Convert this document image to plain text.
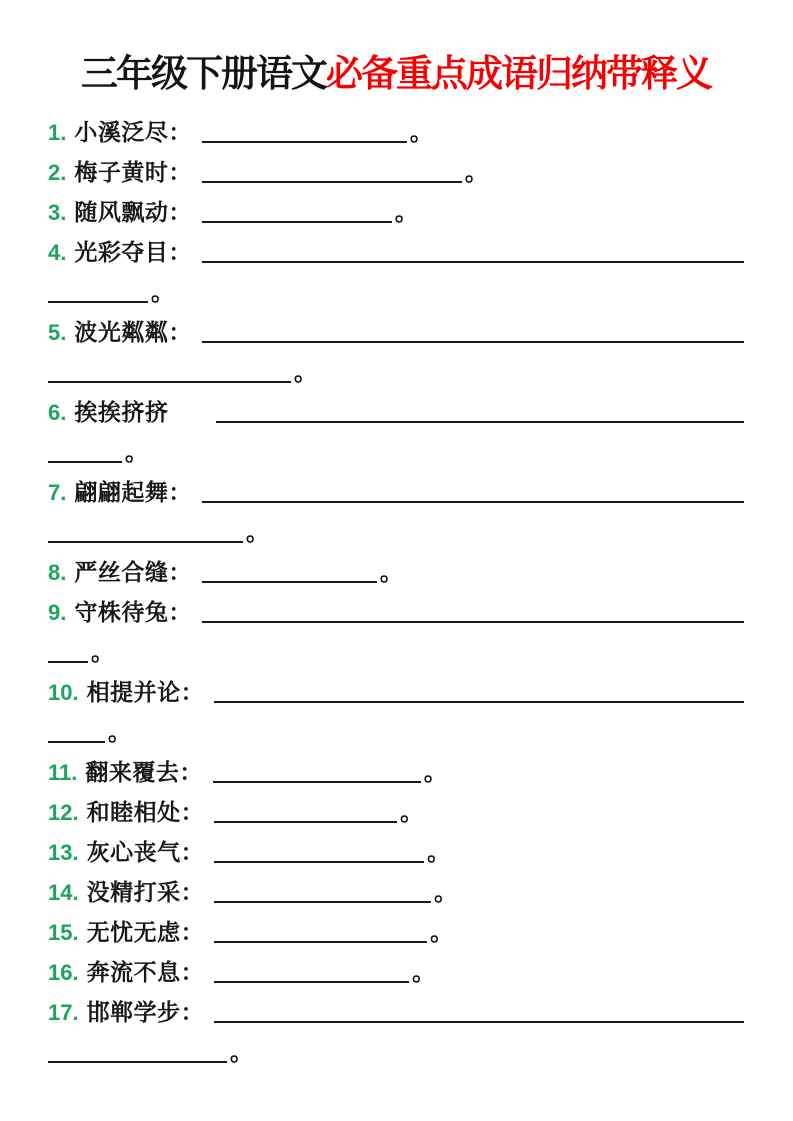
三年级下册语文必备重点成语归纳带释义
1. 小溪泛尽：	。
2. 梅子黄时：	。
3. 随风飘动：	。
4. 光彩夺目：
。
5. 波光粼粼：
。
6. 挨挨挤挤
。
7. 翩翩起舞：
。
8. 严丝合缝：	。
9. 守株待兔：
。
10. 相提并论：
。
11. 翻来覆去：	。
12. 和睦相处：	。
13. 灰心丧气：	。
14. 没精打采：	。
15. 无忧无虑：	。
16. 奔流不息：	。
17. 邯郸学步：
。
